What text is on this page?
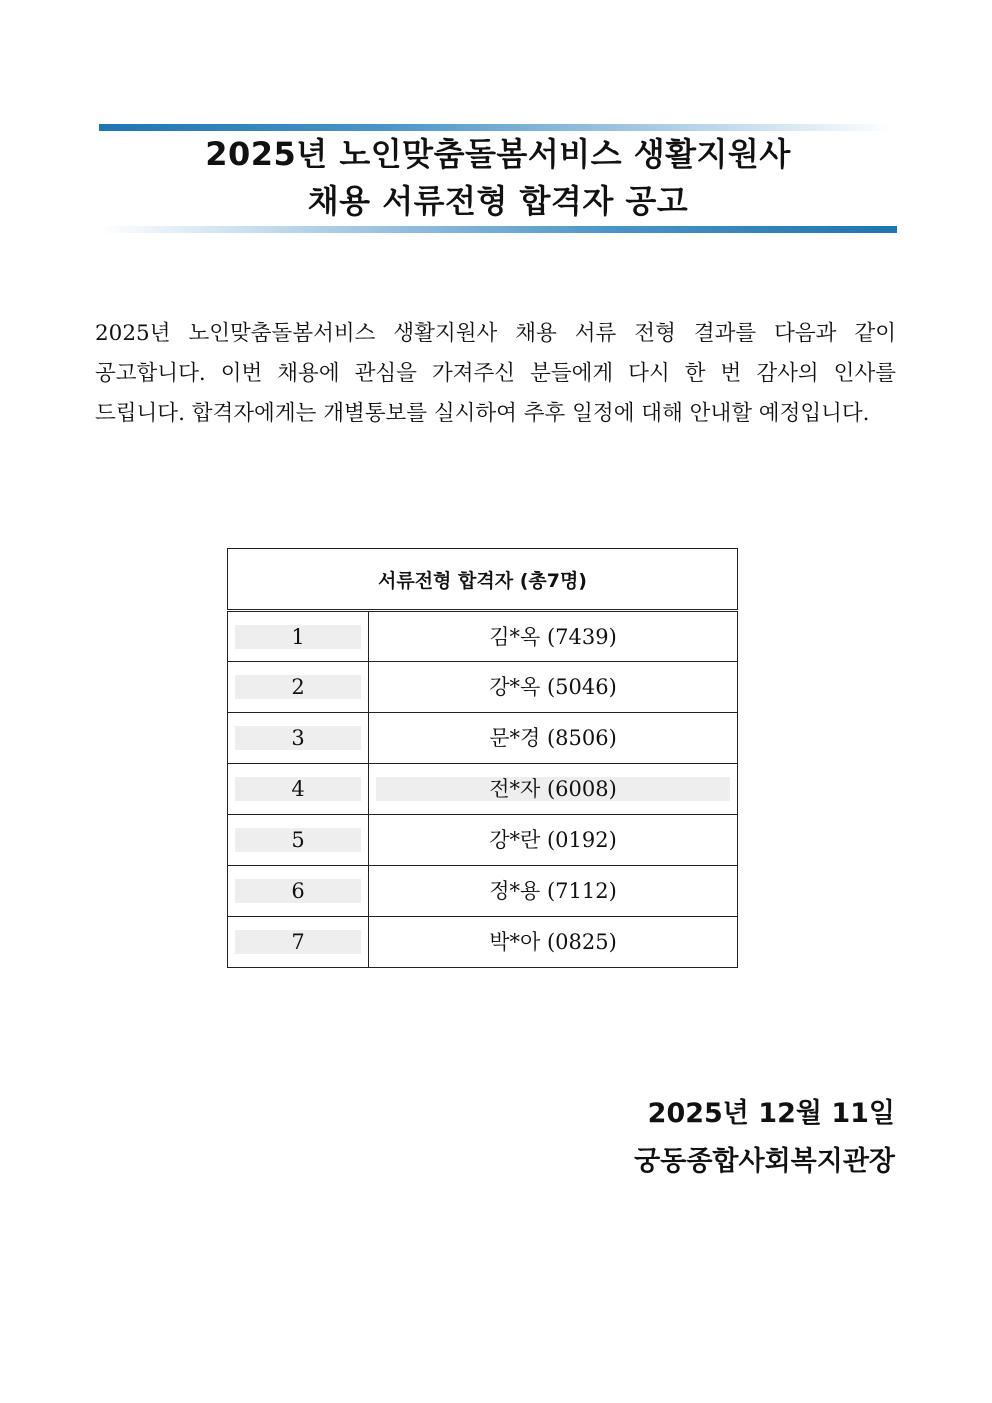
2025년 노인맞춤돌봄서비스 생활지원사
채용 서류전형 합격자 공고
2025년 노인맞춤돌봄서비스 생활지원사 채용 서류 전형 결과를 다음과 같이 공고합니다. 이번 채용에 관심을 가져주신 분들에게 다시 한 번 감사의 인사를 드립니다. 합격자에게는 개별통보를 실시하여 추후 일정에 대해 안내할 예정입니다.
서류전형 합격자 (총7명)	

1	김*옥 (7439)

2	강*옥 (5046)

3	문*경 (8506)

4	전*자 (6008)

5	강*란 (0192)

6	정*용 (7112)

7	박*아 (0825)
2025년 12월 11일
궁동종합사회복지관장
